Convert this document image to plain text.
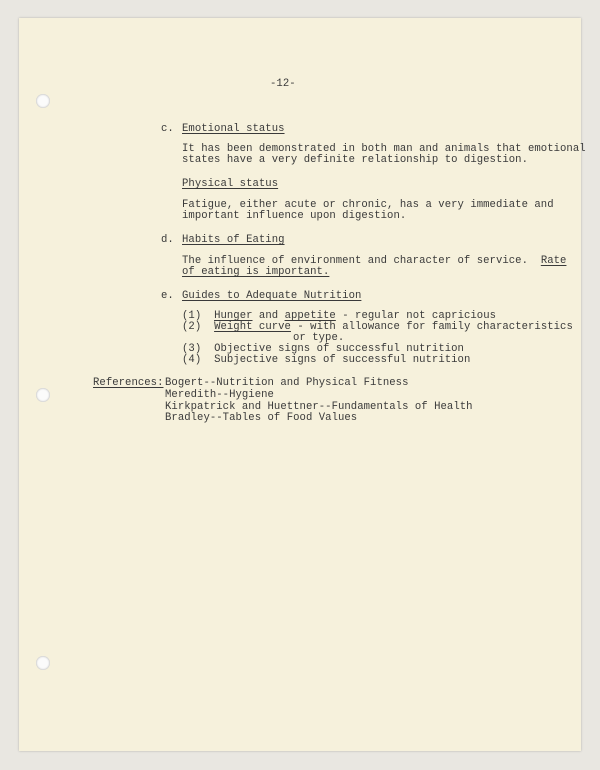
-12-
c. Emotional status
It has been demonstrated in both man and animals that emotional
states have a very definite relationship to digestion.
Physical status
Fatigue, either acute or chronic, has a very immediate and
important influence upon digestion.
d. Habits of Eating
The influence of environment and character of service.  Rate
of eating is important.
e. Guides to Adequate Nutrition
(1) Hunger and appetite - regular not capricious
(2) Weight curve - with allowance for family characteristics
or type.
(3) Objective signs of successful nutrition
(4) Subjective signs of successful nutrition
References: Bogert--Nutrition and Physical Fitness
Meredith--Hygiene
Kirkpatrick and Huettner--Fundamentals of Health
Bradley--Tables of Food Values
